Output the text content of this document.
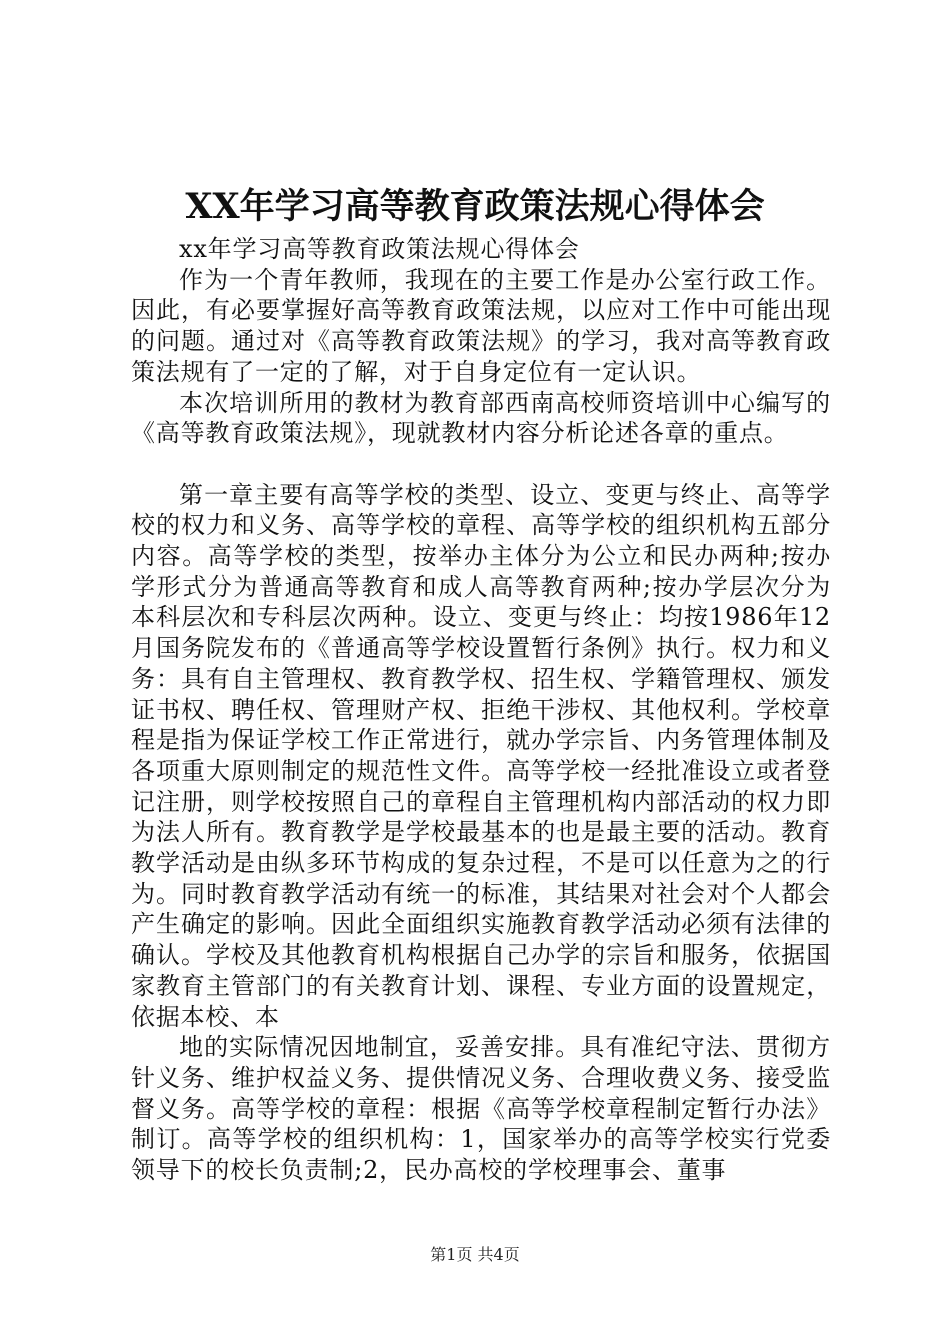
XX年学习高等教育政策法规心得体会

xx年学习高等教育政策法规心得体会

作为一个青年教师，我现在的主要工作是办公室行政工作。因此，有必要掌握好高等教育政策法规，以应对工作中可能出现的问题。通过对《高等教育政策法规》的学习，我对高等教育政策法规有了一定的了解，对于自身定位有一定认识。

本次培训所用的教材为教育部西南高校师资培训中心编写的《高等教育政策法规》，现就教材内容分析论述各章的重点。

第一章主要有高等学校的类型、设立、变更与终止、高等学校的权力和义务、高等学校的章程、高等学校的组织机构五部分内容。高等学校的类型，按举办主体分为公立和民办两种;按办学形式分为普通高等教育和成人高等教育两种;按办学层次分为本科层次和专科层次两种。设立、变更与终止：均按1986年12月国务院发布的《普通高等学校设置暂行条例》执行。权力和义务：具有自主管理权、教育教学权、招生权、学籍管理权、颁发证书权、聘任权、管理财产权、拒绝干涉权、其他权利。学校章程是指为保证学校工作正常进行，就办学宗旨、内务管理体制及各项重大原则制定的规范性文件。高等学校一经批准设立或者登记注册，则学校按照自己的章程自主管理机构内部活动的权力即为法人所有。教育教学是学校最基本的也是最主要的活动。教育教学活动是由纵多环节构成的复杂过程，不是可以任意为之的行为。同时教育教学活动有统一的标准，其结果对社会对个人都会产生确定的影响。因此全面组织实施教育教学活动必须有法律的确认。学校及其他教育机构根据自己办学的宗旨和服务，依据国家教育主管部门的有关教育计划、课程、专业方面的设置规定，依据本校、本

地的实际情况因地制宜，妥善安排。具有准纪守法、贯彻方针义务、维护权益义务、提供情况义务、合理收费义务、接受监督义务。高等学校的章程：根据《高等学校章程制定暂行办法》制订。高等学校的组织机构：1，国家举办的高等学校实行党委领导下的校长负责制;2，民办高校的学校理事会、董事

第1页 共4页
